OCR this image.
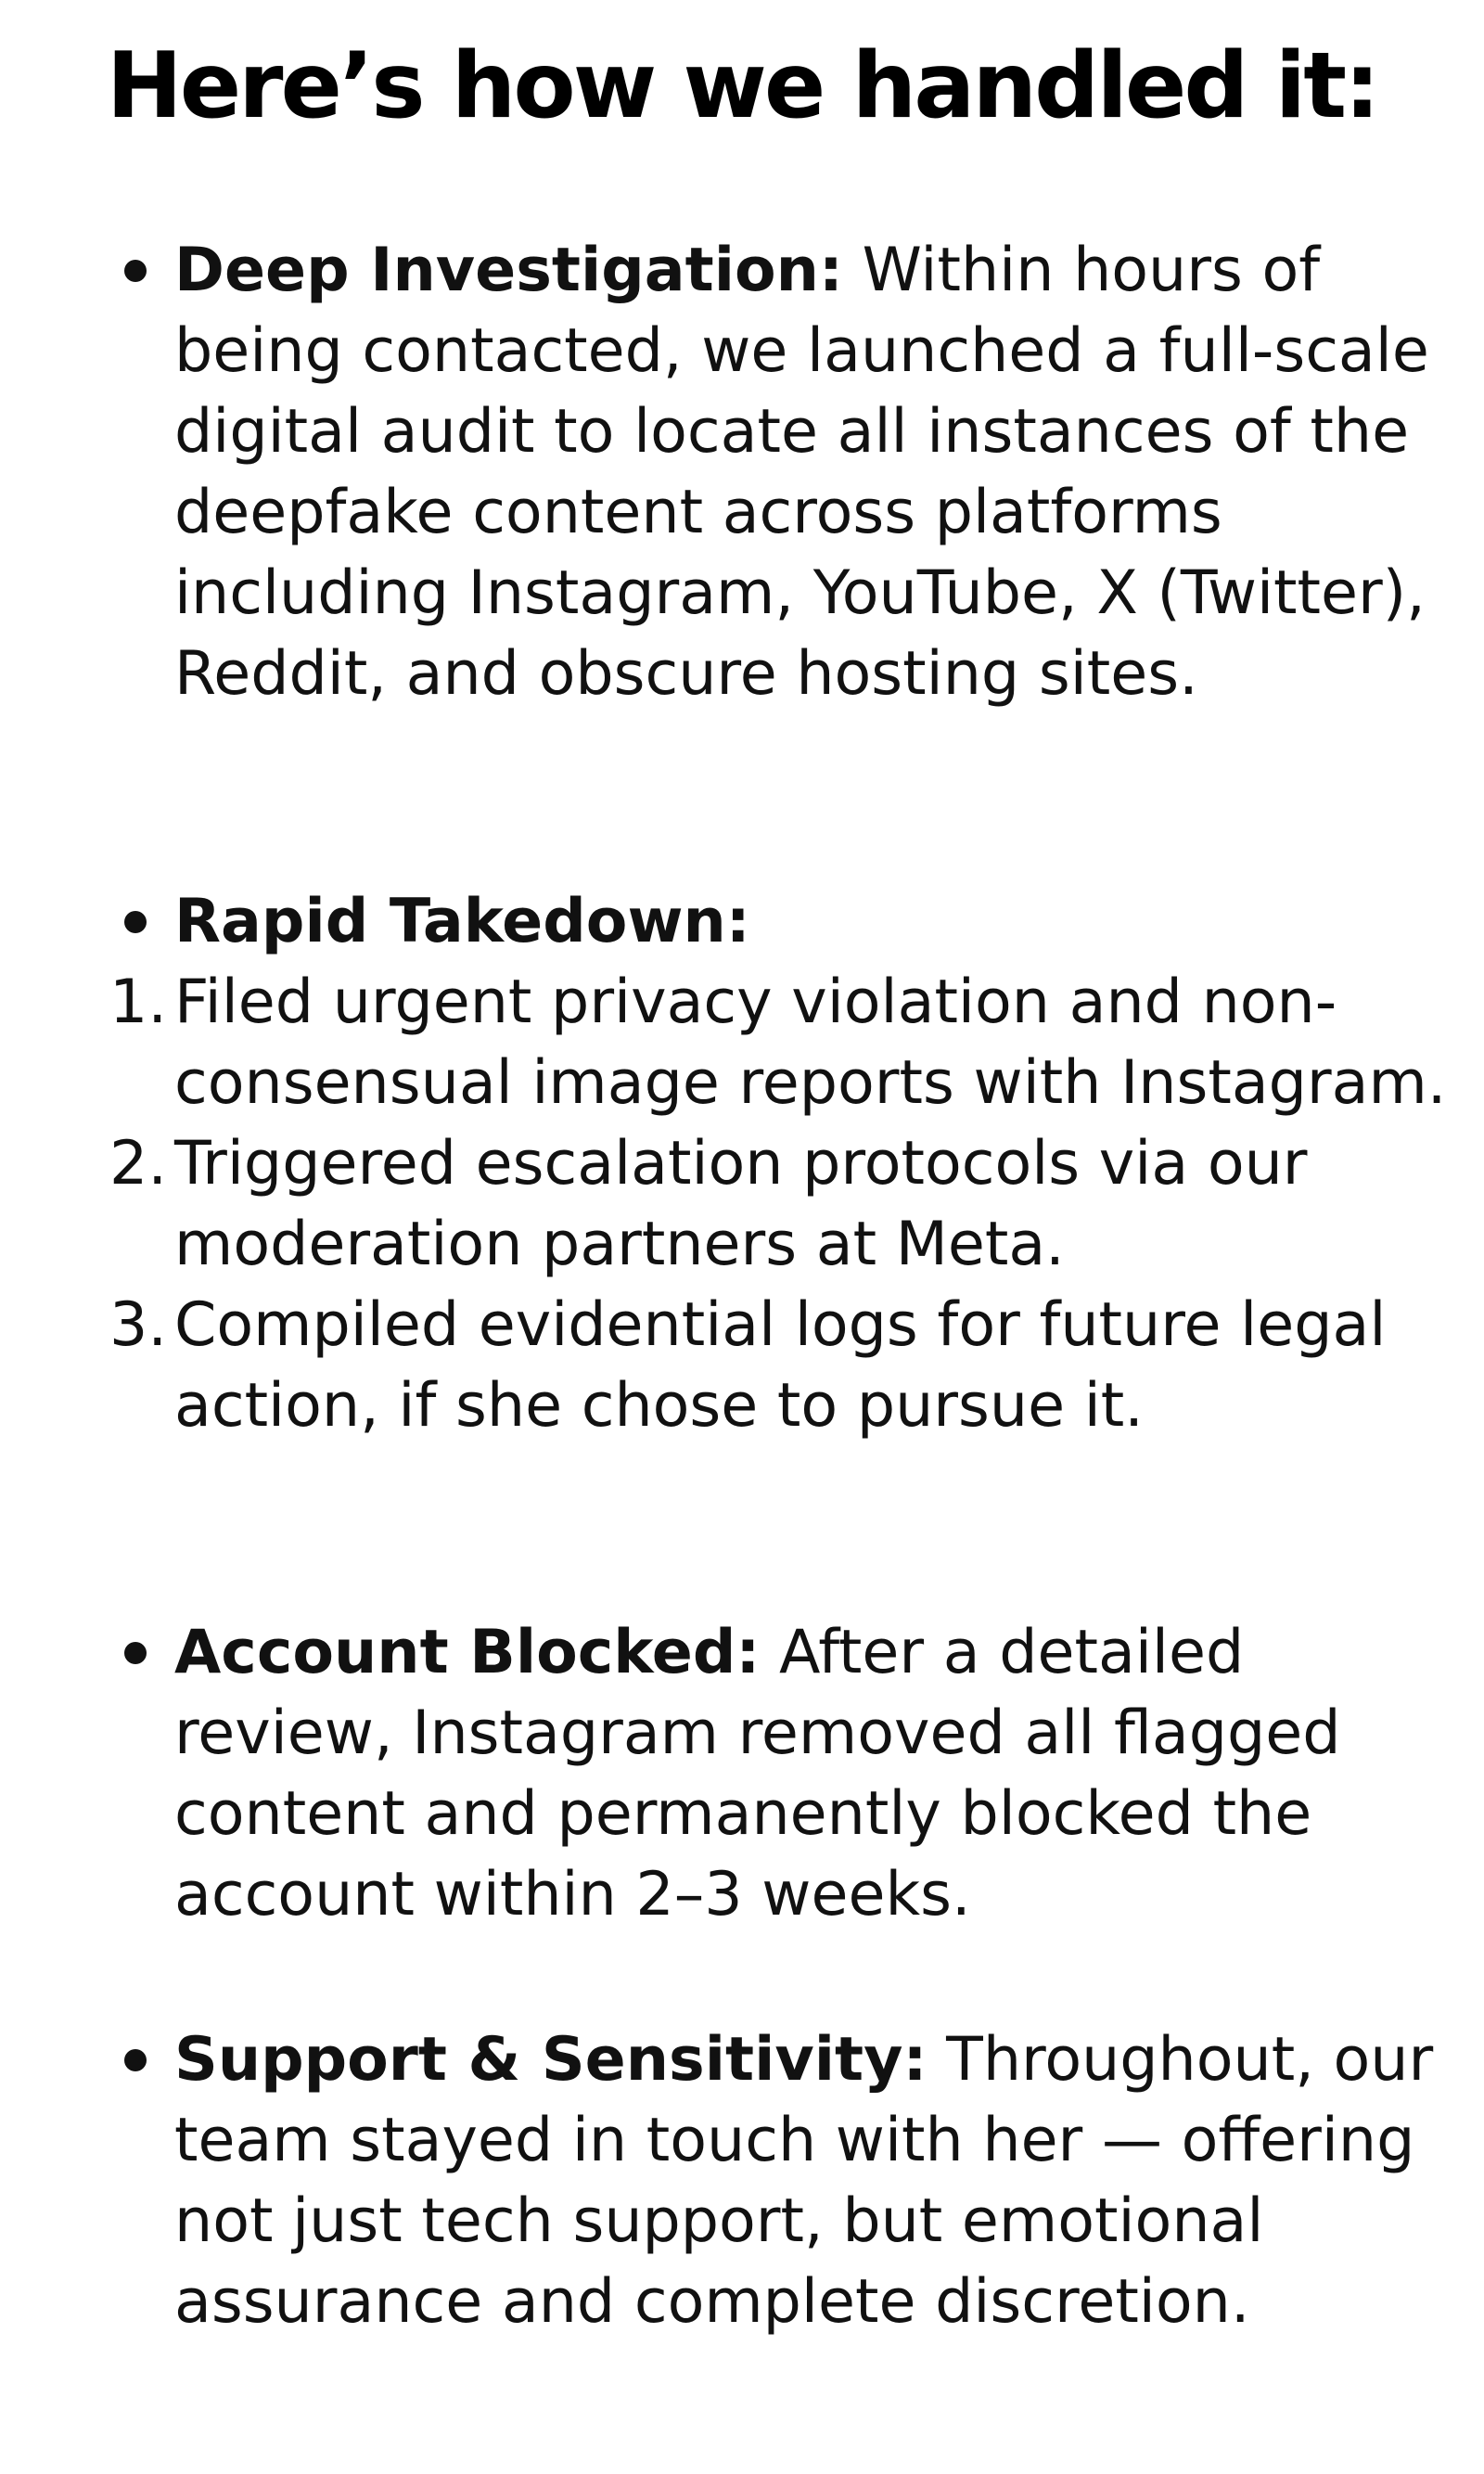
Here’s how we handled it:
Deep Investigation: Within hours of being contacted, we launched a full-scale digital audit to locate all instances of the deepfake content across platforms including Instagram, YouTube, X (Twitter), Reddit, and obscure hosting sites.
Rapid Takedown:
1. Filed urgent privacy violation and non-consensual image reports with Instagram.
2. Triggered escalation protocols via our moderation partners at Meta.
3. Compiled evidential logs for future legal action, if she chose to pursue it.
Account Blocked: After a detailed review, Instagram removed all flagged content and permanently blocked the account within 2–3 weeks.
Support & Sensitivity: Throughout, our team stayed in touch with her — offering not just tech support, but emotional assurance and complete discretion.
